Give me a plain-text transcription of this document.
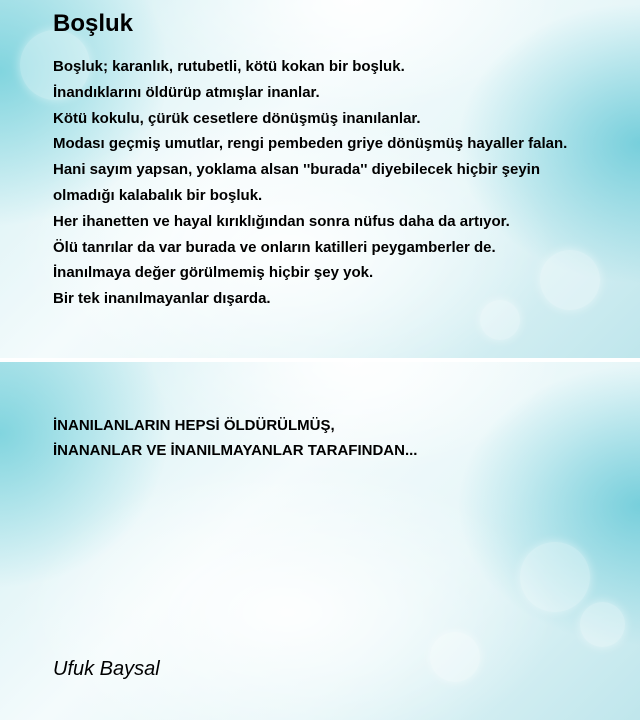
Boşluk
Boşluk; karanlık, rutubetli, kötü kokan bir boşluk.
İnandıklarını öldürüp atmışlar inanlar.
Kötü kokulu, çürük cesetlere dönüşmüş inanılanlar.
Modası geçmiş umutlar, rengi pembeden griye dönüşmüş hayaller falan.
Hani sayım yapsan, yoklama alsan ''burada'' diyebilecek hiçbir şeyin
olmadığı kalabalık bir boşluk.
Her ihanetten ve hayal kırıklığından sonra nüfus daha da artıyor.
Ölü tanrılar da var burada ve onların katilleri peygamberler de.
İnanılmaya değer görülmemiş hiçbir şey yok.
Bir tek inanılmayanlar dışarda.
İNANILANLARIN HEPSİ ÖLDÜRÜLMÜŞ,
İNANANLAR VE İNANILMAYANLAR TARAFINDAN...
Ufuk Baysal
